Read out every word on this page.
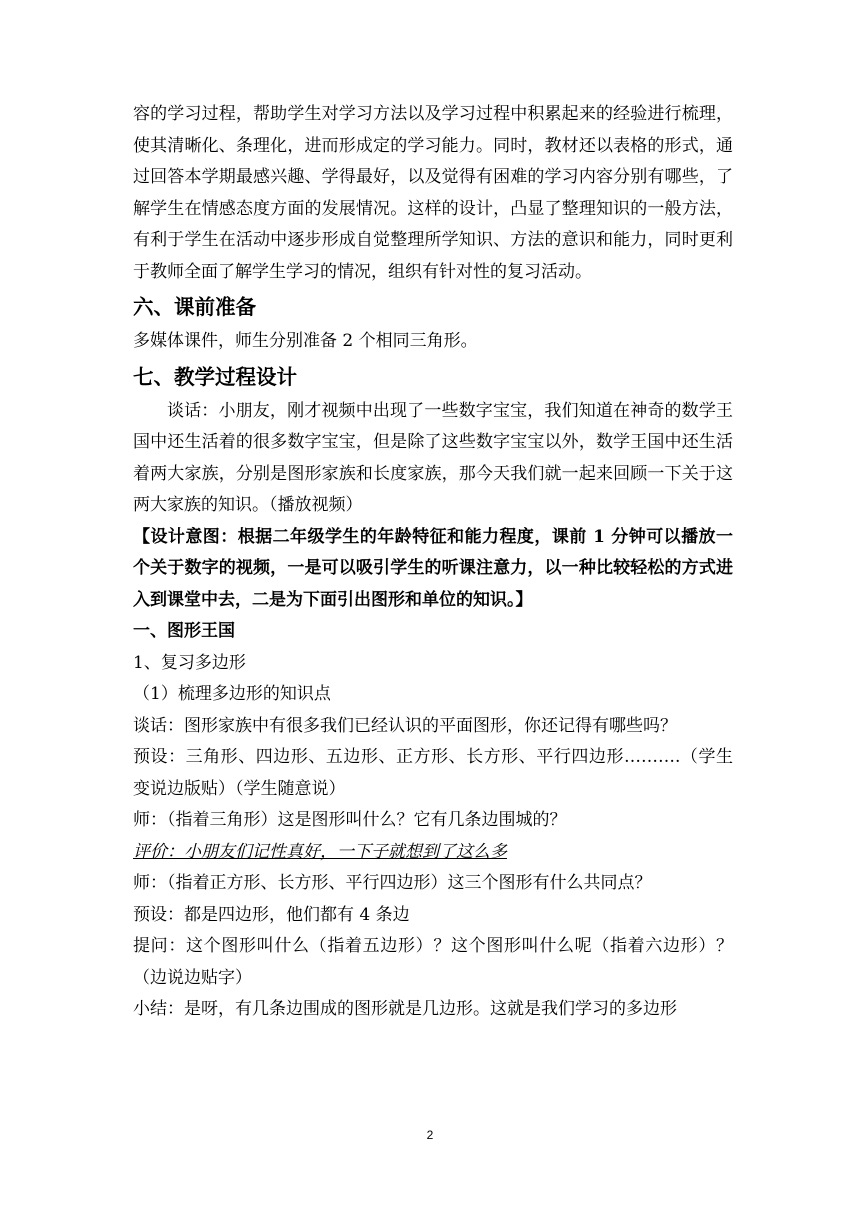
容的学习过程，帮助学生对学习方法以及学习过程中积累起来的经验进行梳理，使其清晰化、条理化，进而形成定的学习能力。同时，教材还以表格的形式，通过回答本学期最感兴趣、学得最好，以及觉得有困难的学习内容分别有哪些，了解学生在情感态度方面的发展情况。这样的设计，凸显了整理知识的一般方法，有利于学生在活动中逐步形成自觉整理所学知识、方法的意识和能力，同时更利于教师全面了解学生学习的情况，组织有针对性的复习活动。

六、课前准备

多媒体课件，师生分别准备 2 个相同三角形。

七、教学过程设计

谈话：小朋友，刚才视频中出现了一些数字宝宝，我们知道在神奇的数学王国中还生活着的很多数字宝宝，但是除了这些数字宝宝以外，数学王国中还生活着两大家族，分别是图形家族和长度家族，那今天我们就一起来回顾一下关于这两大家族的知识。（播放视频）

【设计意图：根据二年级学生的年龄特征和能力程度，课前 1 分钟可以播放一个关于数字的视频，一是可以吸引学生的听课注意力，以一种比较轻松的方式进入到课堂中去，二是为下面引出图形和单位的知识。】

一、图形王国

1、复习多边形

（1）梳理多边形的知识点

谈话：图形家族中有很多我们已经认识的平面图形，你还记得有哪些吗？

预设：三角形、四边形、五边形、正方形、长方形、平行四边形……….（学生变说边版贴）（学生随意说）

师：（指着三角形）这是图形叫什么？它有几条边围城的？

评价：小朋友们记性真好，一下子就想到了这么多

师：（指着正方形、长方形、平行四边形）这三个图形有什么共同点？

预设：都是四边形，他们都有 4 条边

提问：这个图形叫什么（指着五边形）？这个图形叫什么呢（指着六边形）？（边说边贴字）

小结：是呀，有几条边围成的图形就是几边形。这就是我们学习的多边形

2
